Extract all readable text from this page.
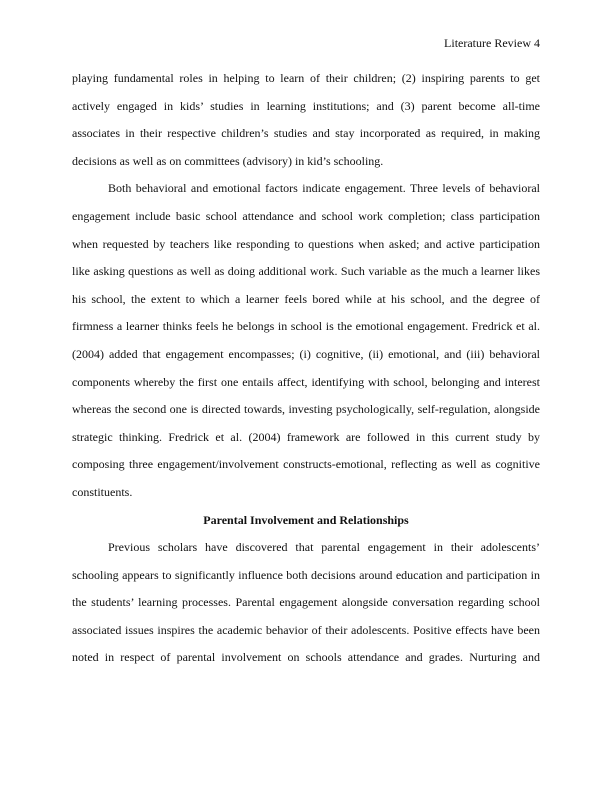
Literature Review 4
playing fundamental roles in helping to learn of their children; (2) inspiring parents to get
actively engaged in kids’ studies in learning institutions; and (3) parent become all-time
associates in their respective children’s studies and stay incorporated as required, in making
decisions as well as on committees (advisory) in kid’s schooling.
Both behavioral and emotional factors indicate engagement. Three levels of behavioral
engagement include basic school attendance and school work completion; class participation
when requested by teachers like responding to questions when asked; and active participation
like asking questions as well as doing additional work. Such variable as the much a learner likes
his school, the extent to which a learner feels bored while at his school, and the degree of
firmness a learner thinks feels he belongs in school is the emotional engagement. Fredrick et al.
(2004) added that engagement encompasses; (i) cognitive, (ii) emotional, and (iii) behavioral
components whereby the first one entails affect, identifying with school, belonging and interest
whereas the second one is directed towards, investing psychologically, self-regulation, alongside
strategic thinking. Fredrick et al. (2004) framework are followed in this current study by
composing three engagement/involvement constructs-emotional, reflecting as well as cognitive
constituents.
Parental Involvement and Relationships
Previous scholars have discovered that parental engagement in their adolescents’
schooling appears to significantly influence both decisions around education and participation in
the students’ learning processes. Parental engagement alongside conversation regarding school
associated issues inspires the academic behavior of their adolescents. Positive effects have been
noted in respect of parental involvement on schools attendance and grades. Nurturing and
